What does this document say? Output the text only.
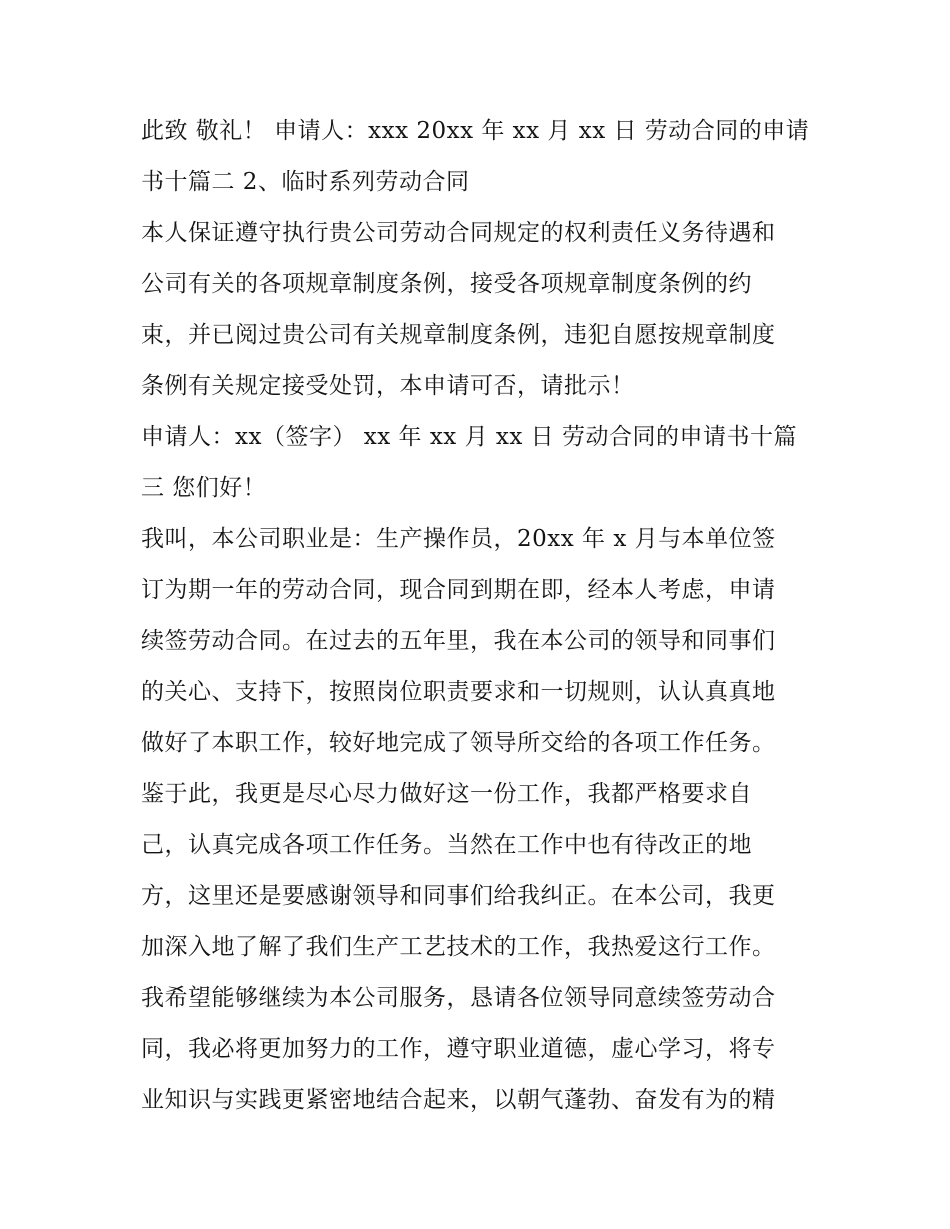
此致 敬礼！ 申请人：xxx 20xx 年 xx 月 xx 日 劳动合同的申请
书十篇二 2、临时系列劳动合同
本人保证遵守执行贵公司劳动合同规定的权利责任义务待遇和
公司有关的各项规章制度条例，接受各项规章制度条例的约
束，并已阅过贵公司有关规章制度条例，违犯自愿按规章制度
条例有关规定接受处罚，本申请可否，请批示！
申请人：xx（签字） xx 年 xx 月 xx 日 劳动合同的申请书十篇
三 您们好！
我叫，本公司职业是：生产操作员，20xx 年 x 月与本单位签
订为期一年的劳动合同，现合同到期在即，经本人考虑，申请
续签劳动合同。在过去的五年里，我在本公司的领导和同事们
的关心、支持下，按照岗位职责要求和一切规则，认认真真地
做好了本职工作，较好地完成了领导所交给的各项工作任务。
鉴于此，我更是尽心尽力做好这一份工作，我都严格要求自
己，认真完成各项工作任务。当然在工作中也有待改正的地
方，这里还是要感谢领导和同事们给我纠正。在本公司，我更
加深入地了解了我们生产工艺技术的工作，我热爱这行工作。
我希望能够继续为本公司服务，恳请各位领导同意续签劳动合
同，我必将更加努力的工作，遵守职业道德，虚心学习，将专
业知识与实践更紧密地结合起来，以朝气蓬勃、奋发有为的精
